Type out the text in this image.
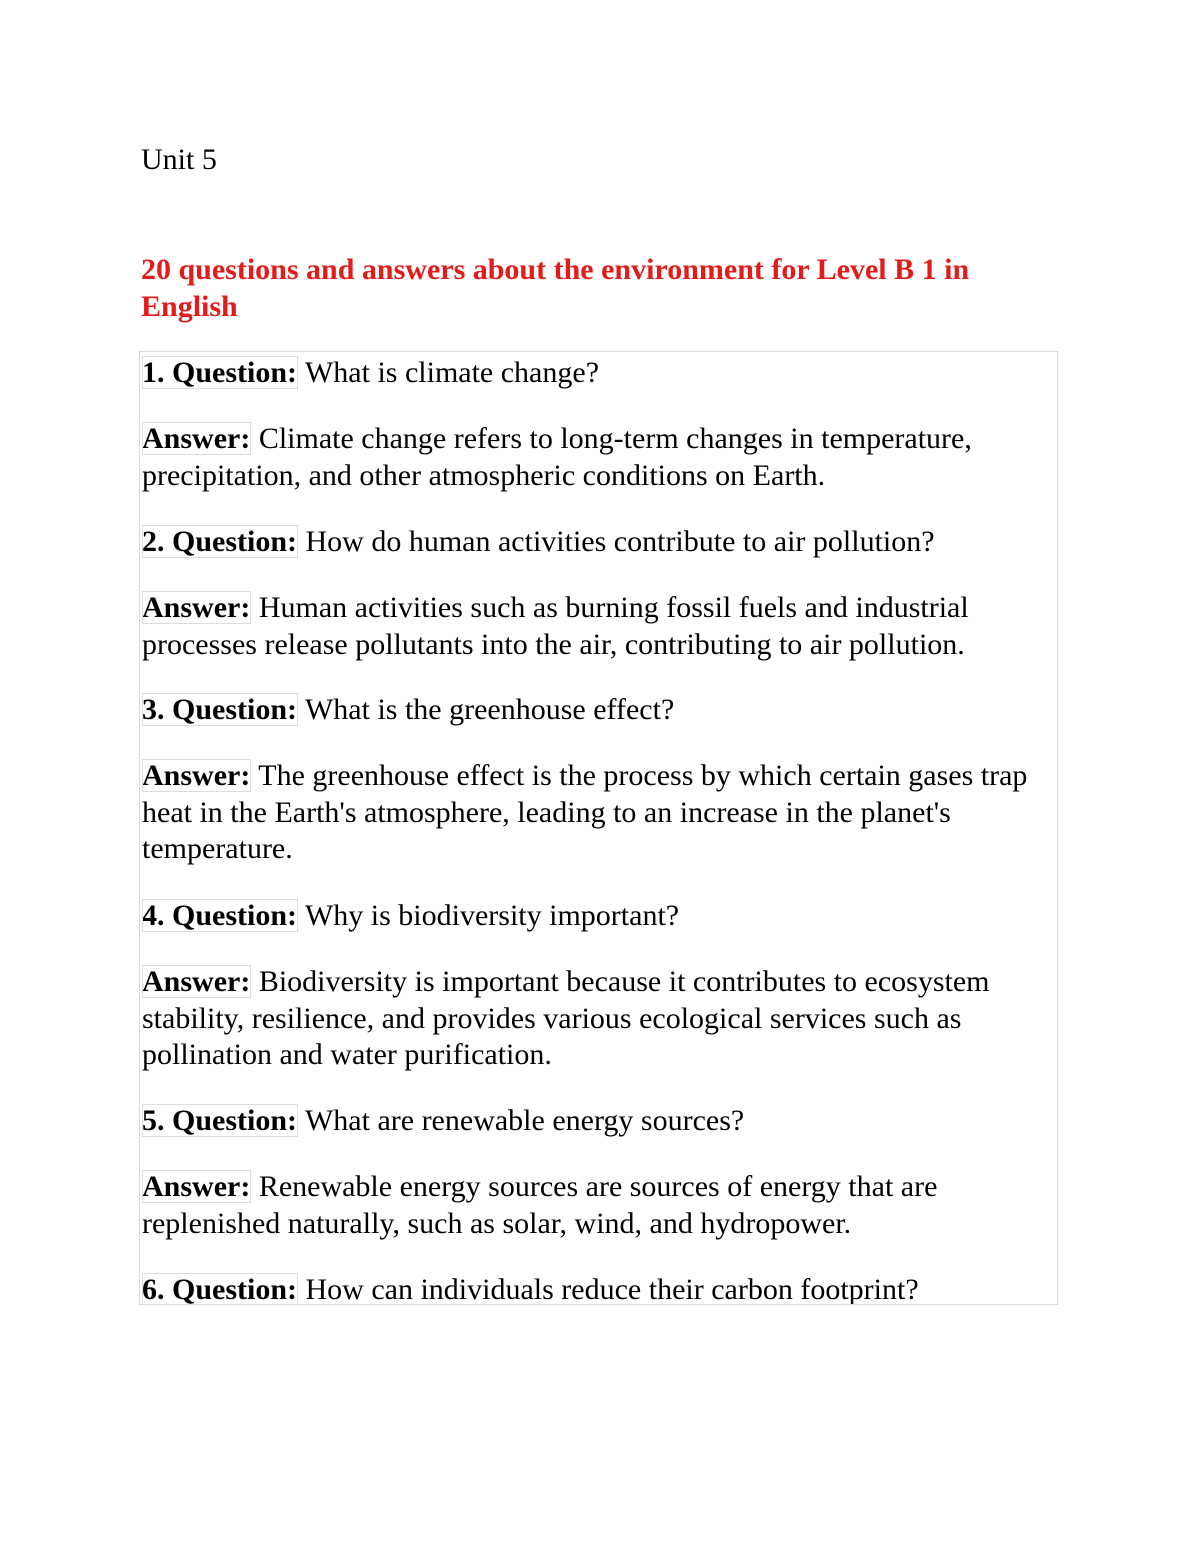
Unit 5
20 questions and answers about the environment for Level B 1 in English

1. Question: What is climate change?

Answer: Climate change refers to long-term changes in temperature, precipitation, and other atmospheric conditions on Earth.

2. Question: How do human activities contribute to air pollution?

Answer: Human activities such as burning fossil fuels and industrial processes release pollutants into the air, contributing to air pollution.

3. Question: What is the greenhouse effect?

Answer: The greenhouse effect is the process by which certain gases trap heat in the Earth's atmosphere, leading to an increase in the planet's temperature.

4. Question: Why is biodiversity important?

Answer: Biodiversity is important because it contributes to ecosystem stability, resilience, and provides various ecological services such as pollination and water purification.

5. Question: What are renewable energy sources?

Answer: Renewable energy sources are sources of energy that are replenished naturally, such as solar, wind, and hydropower.

6. Question: How can individuals reduce their carbon footprint?
